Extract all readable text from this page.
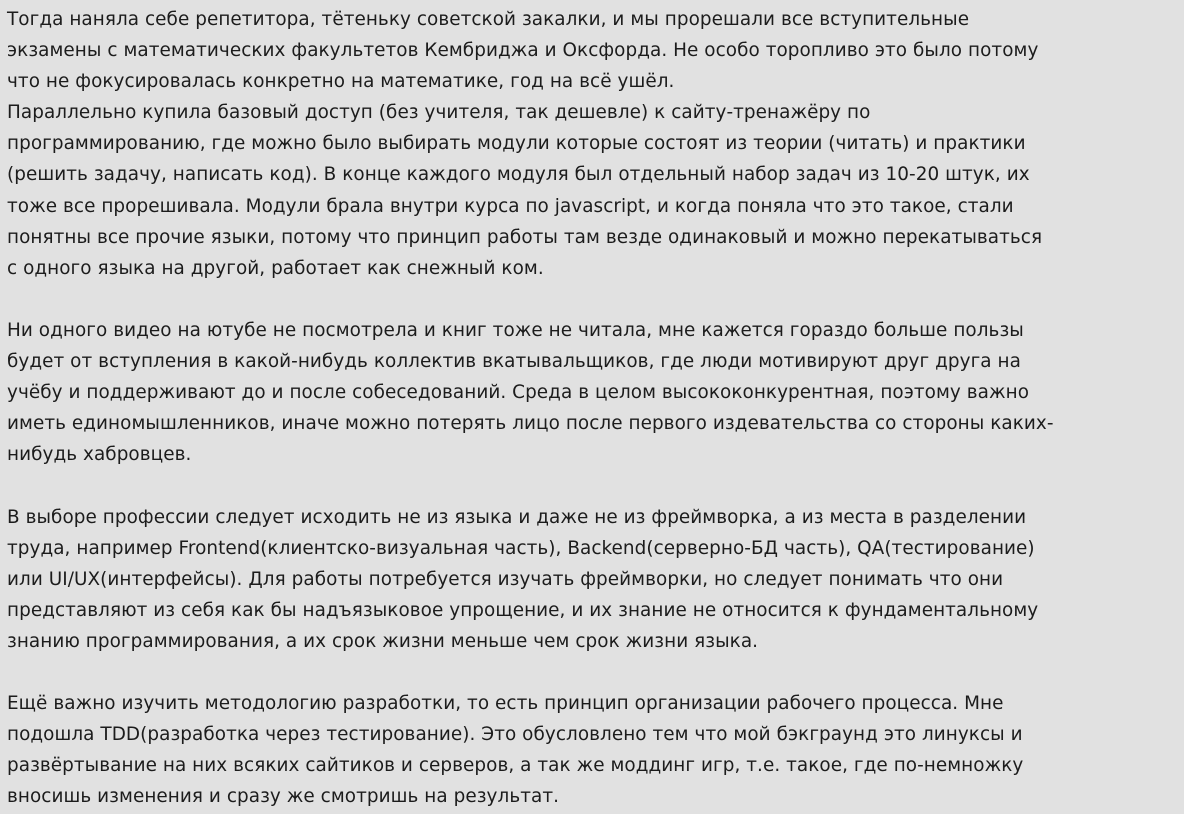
Тогда наняла себе репетитора, тётеньку советской закалки, и мы прорешали все вступительные
экзамены с математических факультетов Кембриджа и Оксфорда. Не особо торопливо это было потому
что не фокусировалась конкретно на математике, год на всё ушёл.
Параллельно купила базовый доступ (без учителя, так дешевле) к сайту-тренажёру по
программированию, где можно было выбирать модули которые состоят из теории (читать) и практики
(решить задачу, написать код). В конце каждого модуля был отдельный набор задач из 10-20 штук, их
тоже все прорешивала. Модули брала внутри курса по javascript, и когда поняла что это такое, стали
понятны все прочие языки, потому что принцип работы там везде одинаковый и можно перекатываться
с одного языка на другой, работает как снежный ком.
Ни одного видео на ютубе не посмотрела и книг тоже не читала, мне кажется гораздо больше пользы
будет от вступления в какой-нибудь коллектив вкатывальщиков, где люди мотивируют друг друга на
учёбу и поддерживают до и после собеседований. Среда в целом высококонкурентная, поэтому важно
иметь единомышленников, иначе можно потерять лицо после первого издевательства со стороны каких-
нибудь хабровцев.
В выборе профессии следует исходить не из языка и даже не из фреймворка, а из места в разделении
труда, например Frontend(клиентско-визуальная часть), Backend(серверно-БД часть), QA(тестирование)
или UI/UX(интерфейсы). Для работы потребуется изучать фреймворки, но следует понимать что они
представляют из себя как бы надъязыковое упрощение, и их знание не относится к фундаментальному
знанию программирования, а их срок жизни меньше чем срок жизни языка.
Ещё важно изучить методологию разработки, то есть принцип организации рабочего процесса. Мне
подошла TDD(разработка через тестирование). Это обусловлено тем что мой бэкграунд это линуксы и
развёртывание на них всяких сайтиков и серверов, а так же моддинг игр, т.е. такое, где по-немножку
вносишь изменения и сразу же смотришь на результат.
